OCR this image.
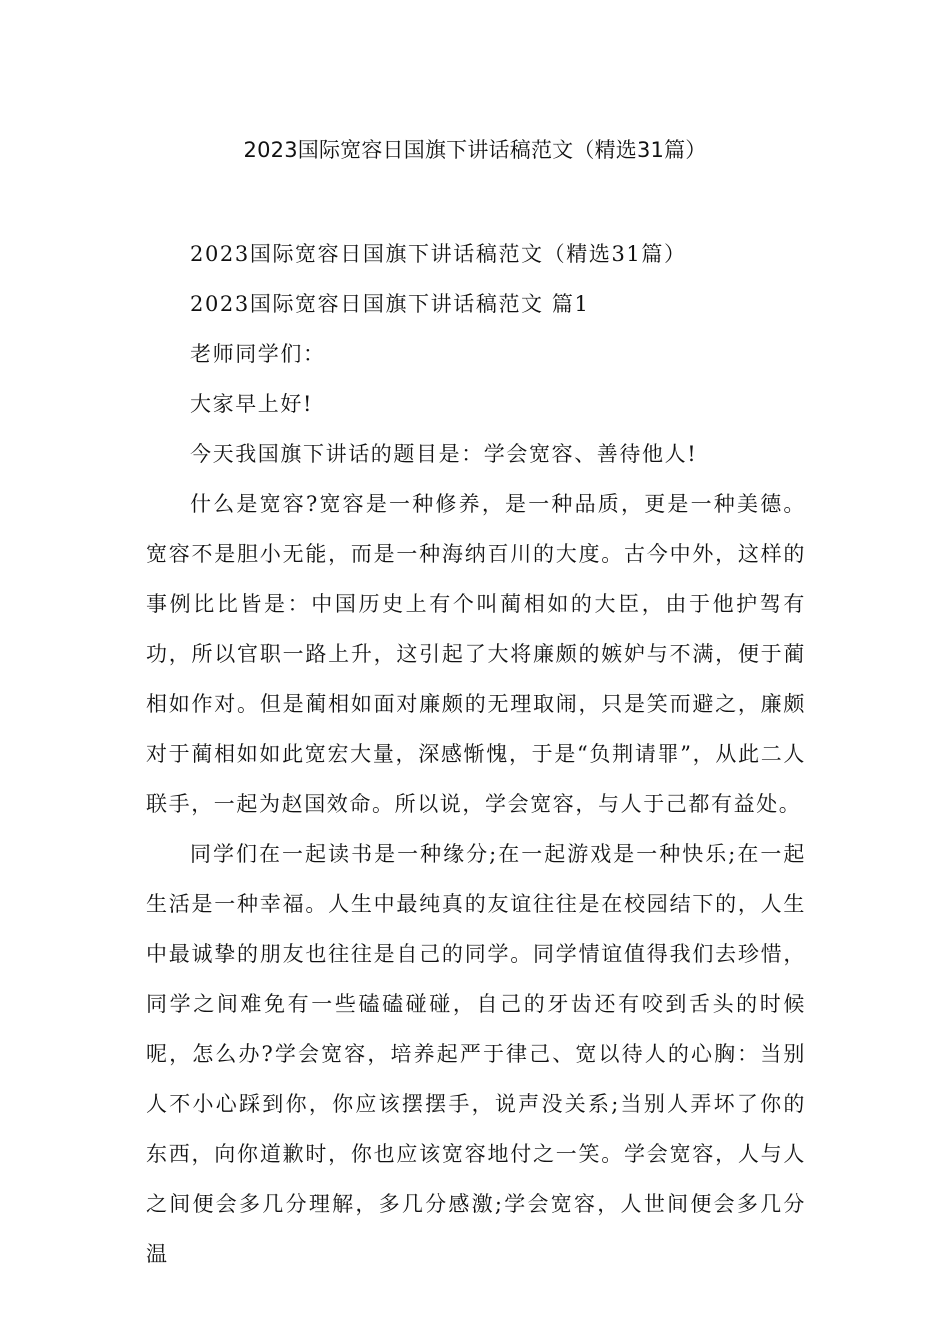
2023国际宽容日国旗下讲话稿范文（精选31篇）

2023国际宽容日国旗下讲话稿范文（精选31篇）

2023国际宽容日国旗下讲话稿范文 篇1

老师同学们：

大家早上好!

今天我国旗下讲话的题目是：学会宽容、善待他人!

什么是宽容?宽容是一种修养，是一种品质，更是一种美德。宽容不是胆小无能，而是一种海纳百川的大度。古今中外，这样的事例比比皆是：中国历史上有个叫蔺相如的大臣，由于他护驾有功，所以官职一路上升，这引起了大将廉颇的嫉妒与不满，便于蔺相如作对。但是蔺相如面对廉颇的无理取闹，只是笑而避之，廉颇对于蔺相如如此宽宏大量，深感惭愧，于是“负荆请罪”，从此二人联手，一起为赵国效命。所以说，学会宽容，与人于己都有益处。

同学们在一起读书是一种缘分;在一起游戏是一种快乐;在一起生活是一种幸福。人生中最纯真的友谊往往是在校园结下的，人生中最诚挚的朋友也往往是自己的同学。同学情谊值得我们去珍惜，同学之间难免有一些磕磕碰碰，自己的牙齿还有咬到舌头的时候呢，怎么办?学会宽容，培养起严于律己、宽以待人的心胸：当别人不小心踩到你，你应该摆摆手，说声没关系;当别人弄坏了你的东西，向你道歉时，你也应该宽容地付之一笑。学会宽容，人与人之间便会多几分理解，多几分感激;学会宽容，人世间便会多几分温
